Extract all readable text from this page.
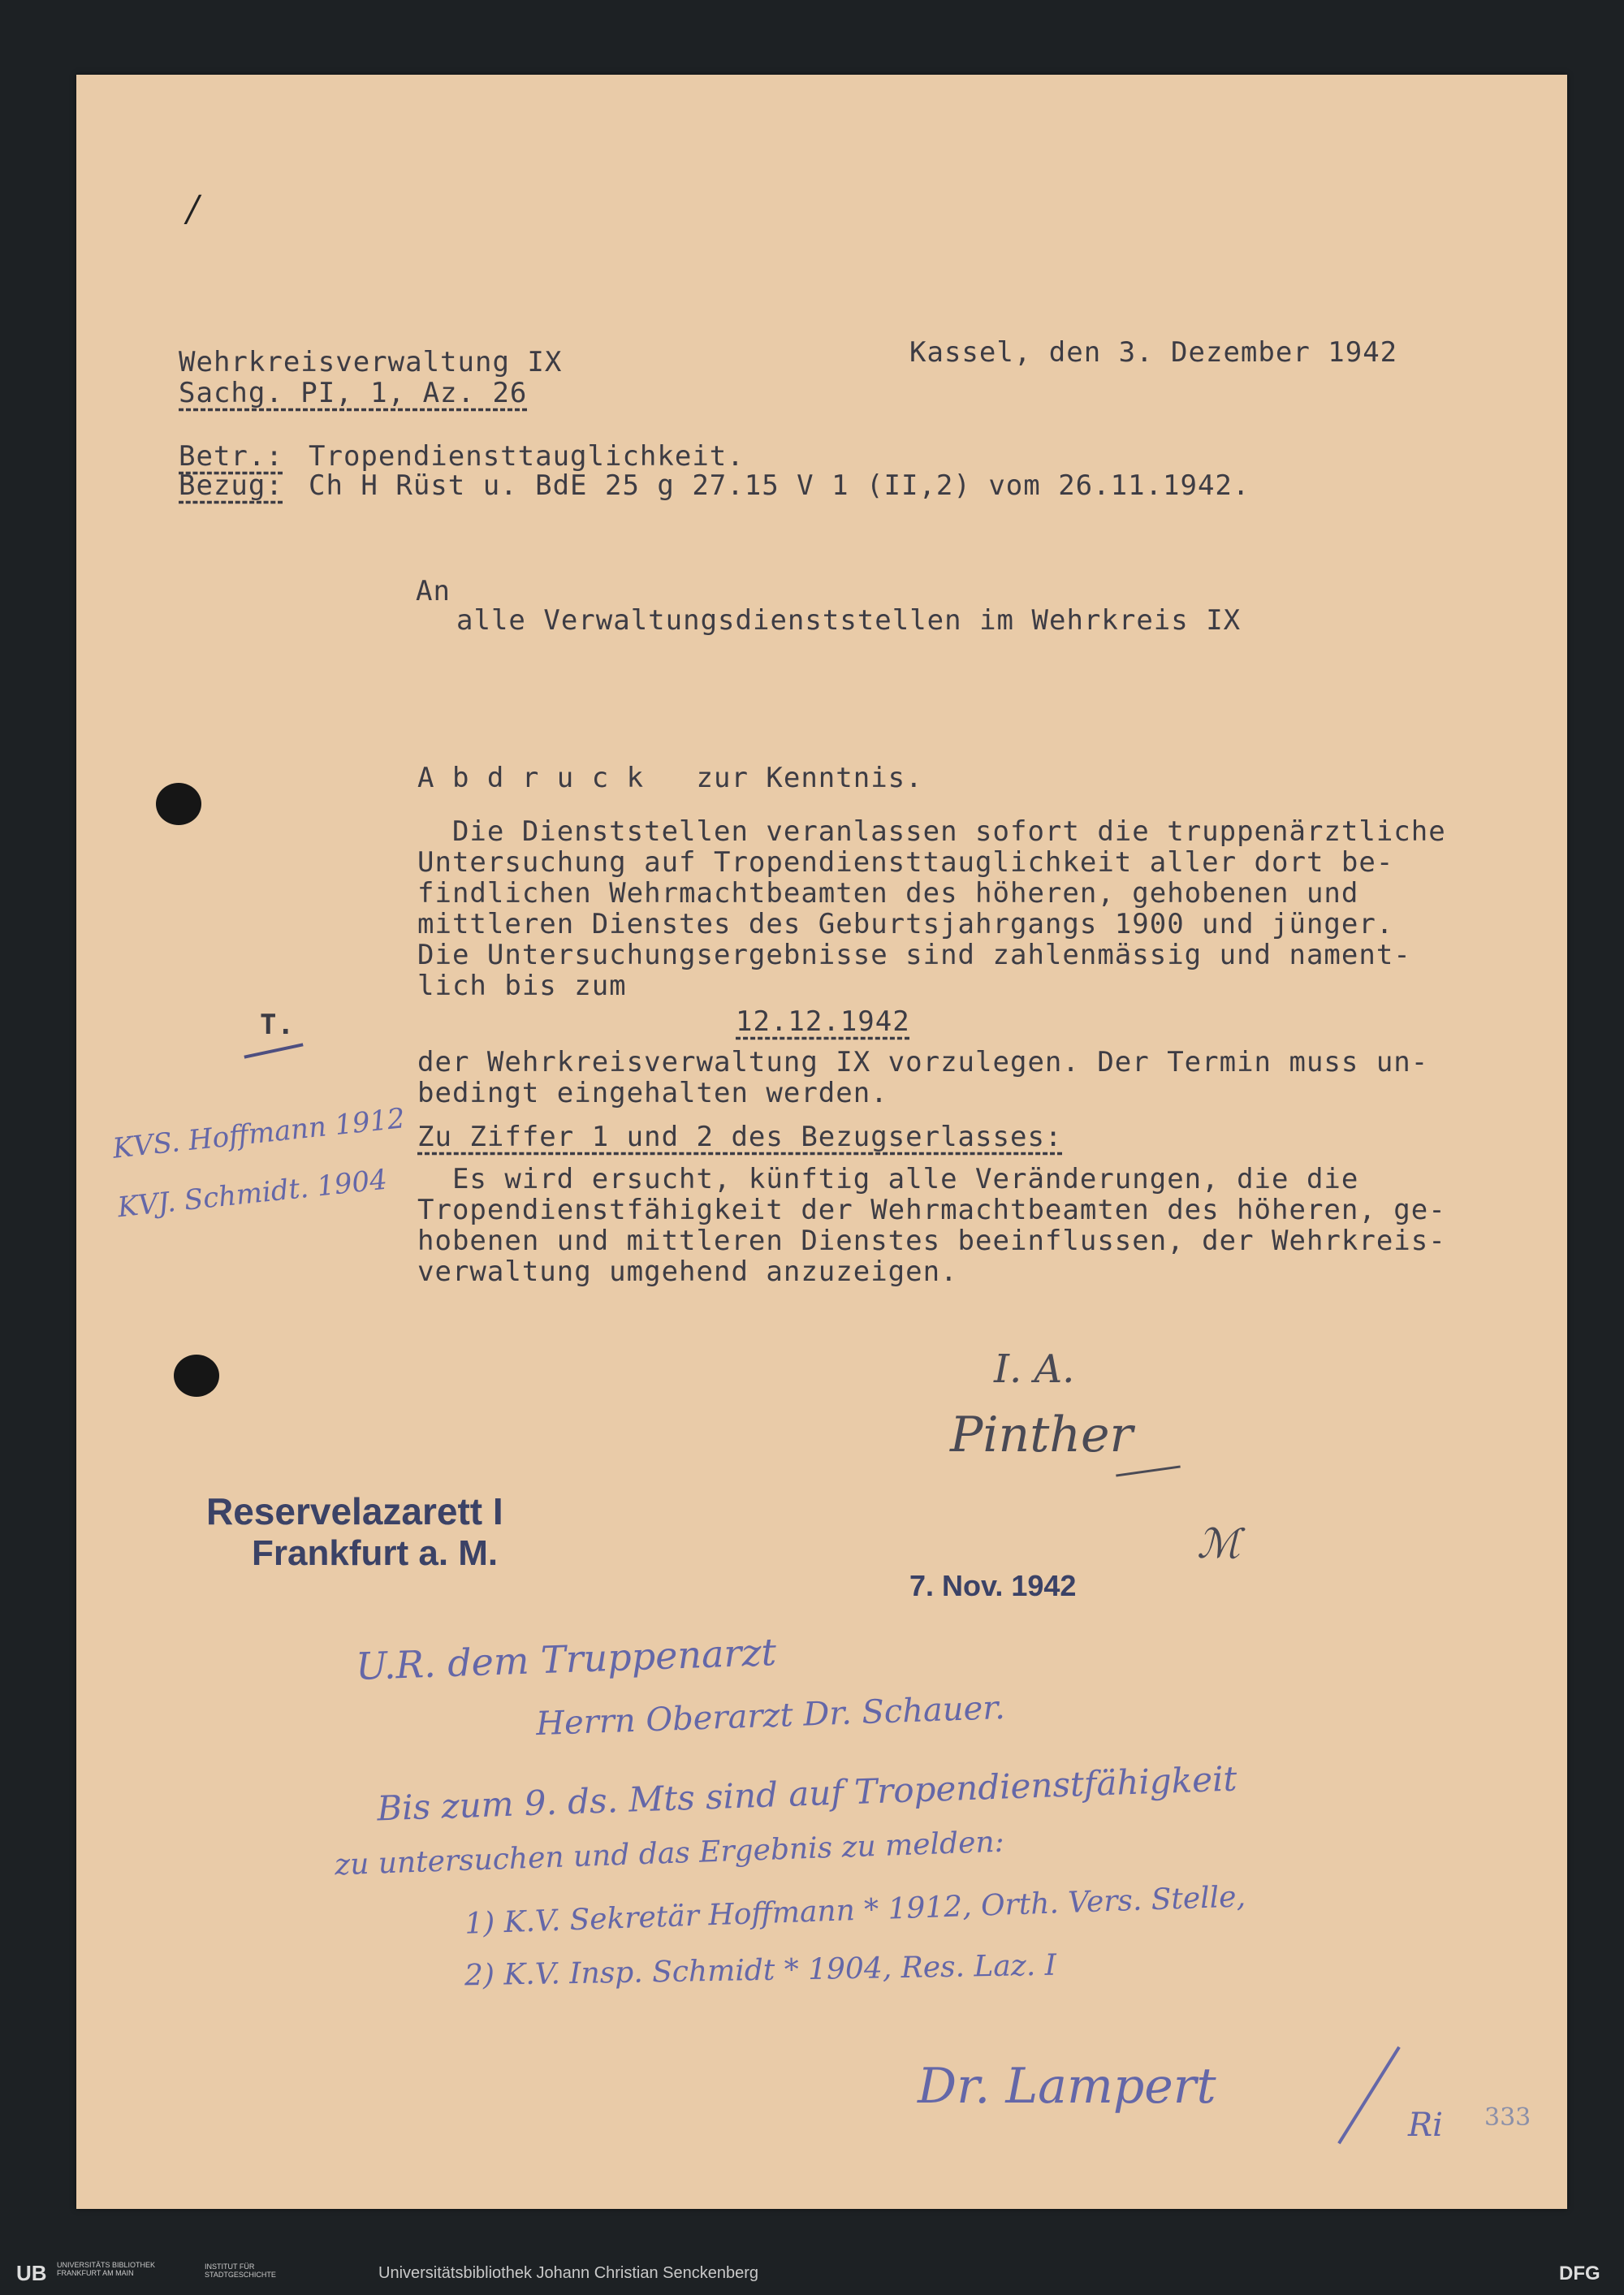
/
Wehrkreisverwaltung IX
Sachg. PI, 1, Az. 26
Kassel, den 3. Dezember 1942
Betr.: Tropendiensttauglichkeit.
Bezug: Ch H Rüst u. BdE 25 g 27.15 V 1 (II,2) vom 26.11.1942.
An
alle Verwaltungsdienststellen im Wehrkreis IX
A b d r u c k   zur Kenntnis.
Die Dienststellen veranlassen sofort die truppenärztliche
Untersuchung auf Tropendiensttauglichkeit aller dort be-
findlichen Wehrmachtbeamten des höheren, gehobenen und
mittleren Dienstes des Geburtsjahrgangs 1900 und jünger.
Die Untersuchungsergebnisse sind zahlenmässig und nament-
lich bis zum
12.12.1942
T.
der Wehrkreisverwaltung IX vorzulegen. Der Termin muss un-
bedingt eingehalten werden.
Zu Ziffer 1 und 2 des Bezugserlasses:
Es wird ersucht, künftig alle Veränderungen, die die
Tropendienstfähigkeit der Wehrmachtbeamten des höheren, ge-
hobenen und mittleren Dienstes beeinflussen, der Wehrkreis-
verwaltung umgehend anzuzeigen.
KVS. Hoffmann 1912
KVJ. Schmidt. 1904
I. A.
Pinther
Reservelazarett I
Frankfurt a. M.
7. Nov. 1942
ℳ
U.R. dem Truppenarzt
Herrn Oberarzt Dr. Schauer.
Bis zum 9. ds. Mts sind auf Tropendienstfähigkeit
zu untersuchen und das Ergebnis zu melden:
1) K.V. Sekretär Hoffmann * 1912, Orth. Vers. Stelle,
2) K.V. Insp. Schmidt * 1904, Res. Laz. I
Dr. Lampert
Ri 333
UB UNIVERSITÄTS BIBLIOTHEK FRANKFURT AM MAIN
INSTITUT FÜR STADTGESCHICHTE	Universitätsbibliothek Johann Christian Senckenberg	DFG
